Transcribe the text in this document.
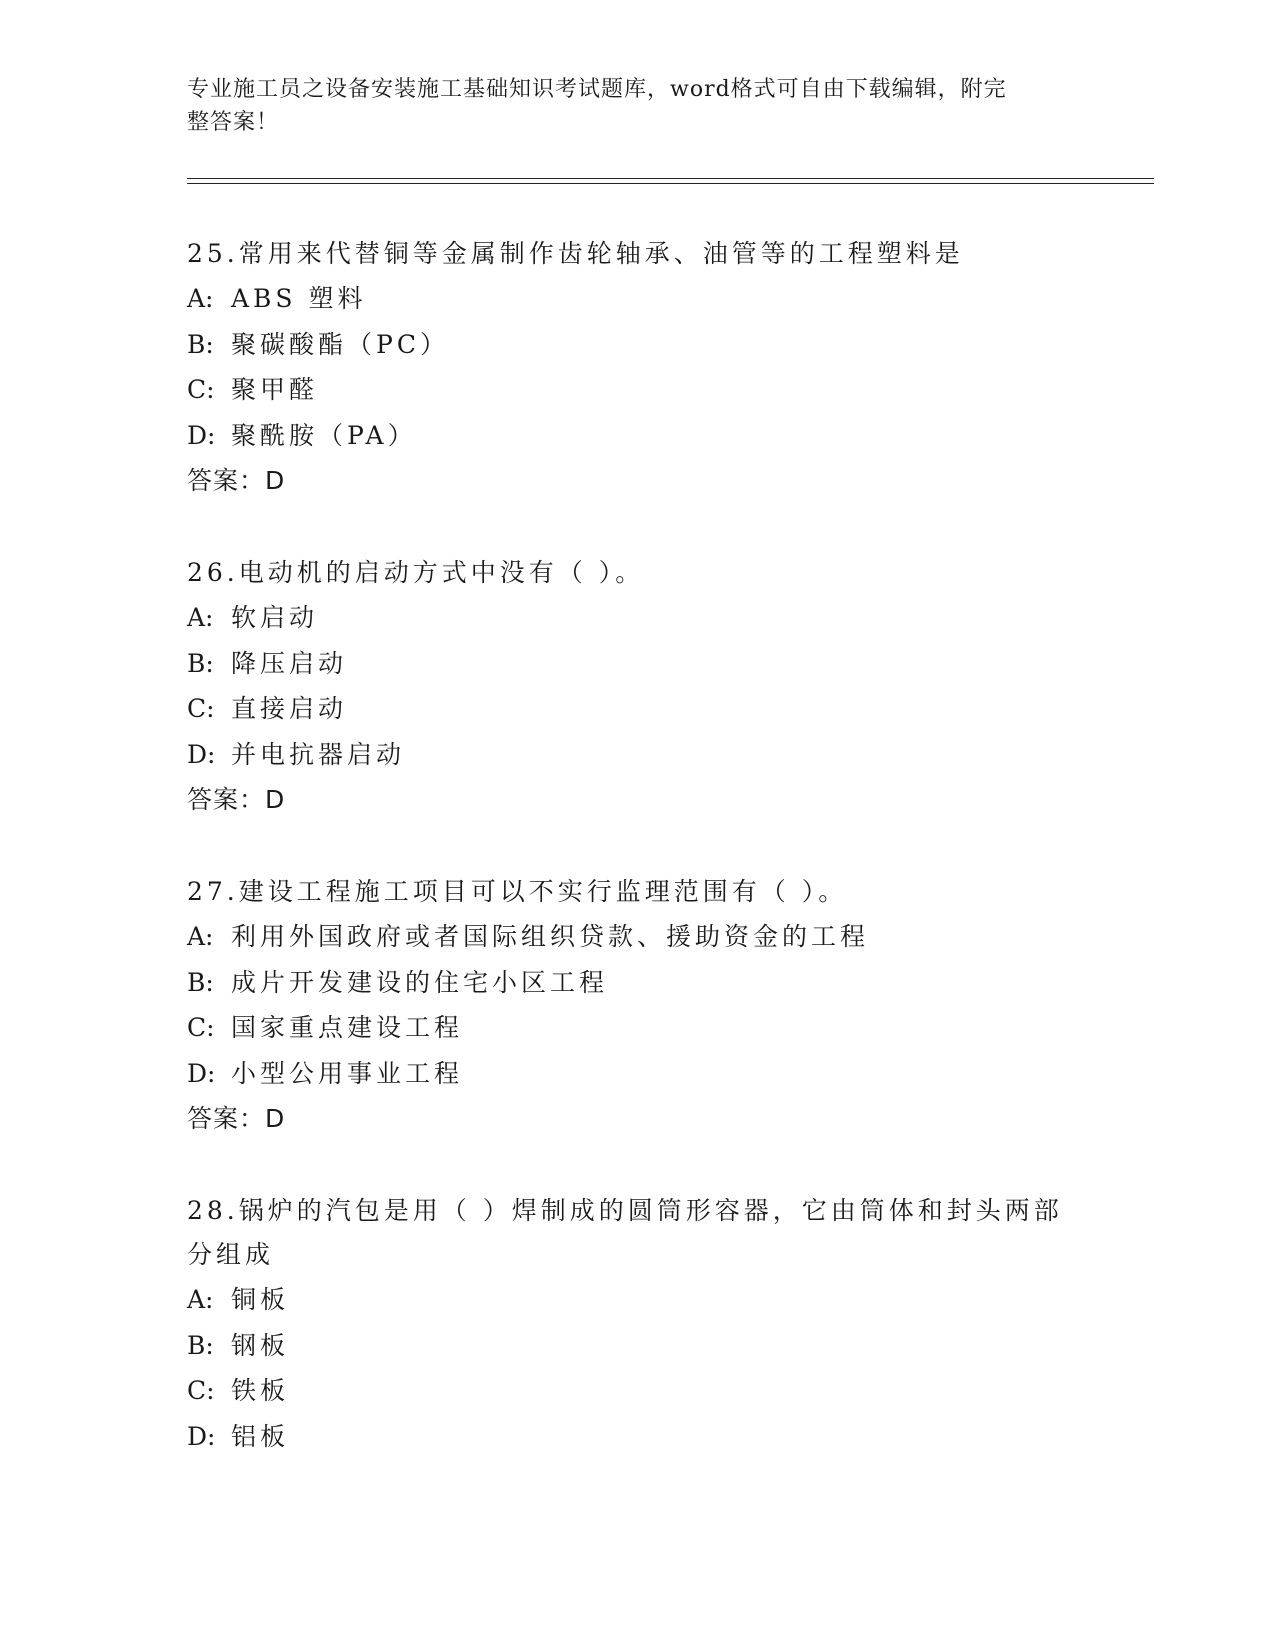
专业施工员之设备安装施工基础知识考试题库，word格式可自由下载编辑，附完
整答案！

25.常用来代替铜等金属制作齿轮轴承、油管等的工程塑料是

A: ABS 塑料

B: 聚碳酸酯（PC）

C: 聚甲醛

D: 聚酰胺（PA）

答案：D

26.电动机的启动方式中没有（ ）。

A: 软启动

B: 降压启动

C: 直接启动

D: 并电抗器启动

答案：D

27.建设工程施工项目可以不实行监理范围有（ ）。

A: 利用外国政府或者国际组织贷款、援助资金的工程

B: 成片开发建设的住宅小区工程

C: 国家重点建设工程

D: 小型公用事业工程

答案：D

28.锅炉的汽包是用（ ）焊制成的圆筒形容器，它由筒体和封头两部

分组成

A: 铜板

B: 钢板

C: 铁板

D: 铝板
